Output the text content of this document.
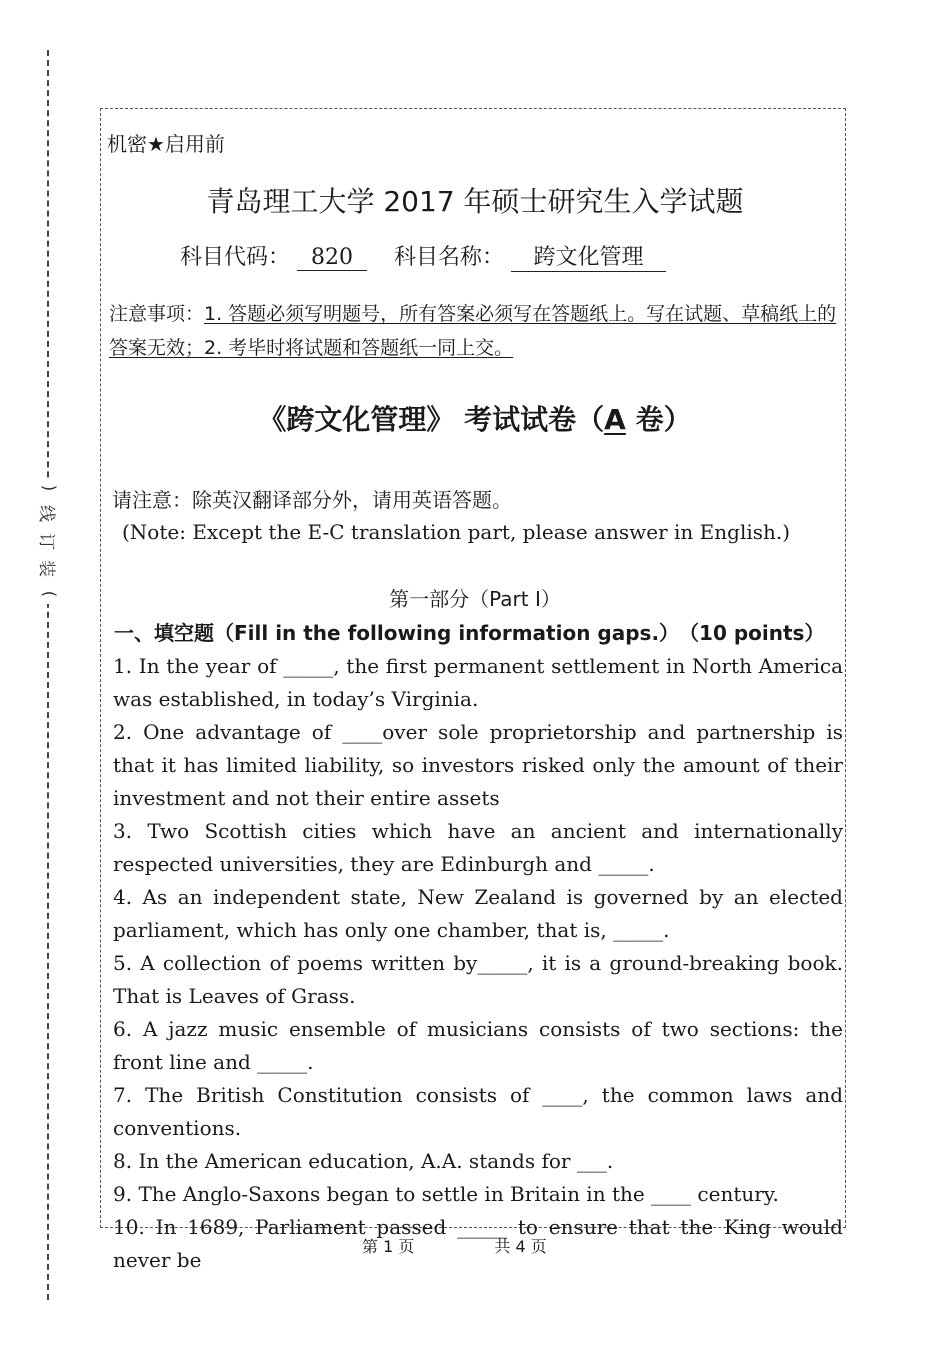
)
线
订
装
(
机密★启用前
青岛理工大学 2017 年硕士研究生入学试题
科目代码： 820 科目名称： 跨文化管理
注意事项：1. 答题必须写明题号，所有答案必须写在答题纸上。写在试题、草稿纸上的答案无效；2. 考毕时将试题和答题纸一同上交。
《跨文化管理》 考试试卷（A 卷）
请注意：除英汉翻译部分外，请用英语答题。
(Note: Except the E-C translation part, please answer in English.)
第一部分（Part I）
一、填空题（Fill in the following information gaps.）　（10 points）

1. In the year of _____, the first permanent settlement in North America was established, in today’s Virginia.

2. One advantage of ____over sole proprietorship and partnership is that it has limited liability, so investors risked only the amount of their investment and not their entire assets

3. Two Scottish cities which have an ancient and internationally respected universities, they are Edinburgh and _____.

4. As an independent state, New Zealand is governed by an elected parliament, which has only one chamber, that is, _____.

5. A collection of poems written by_____, it is a ground-breaking book. That is Leaves of Grass.

6. A jazz music ensemble of musicians consists of two sections: the front line and _____.

7. The British Constitution consists of ____, the common laws and conventions.

8. In the American education, A.A. stands for ___.

9. The Anglo-Saxons began to settle in Britain in the ____ century.

10. In 1689, Parliament passed _____ to ensure that the King would never be

第 1 页	共 4 页
